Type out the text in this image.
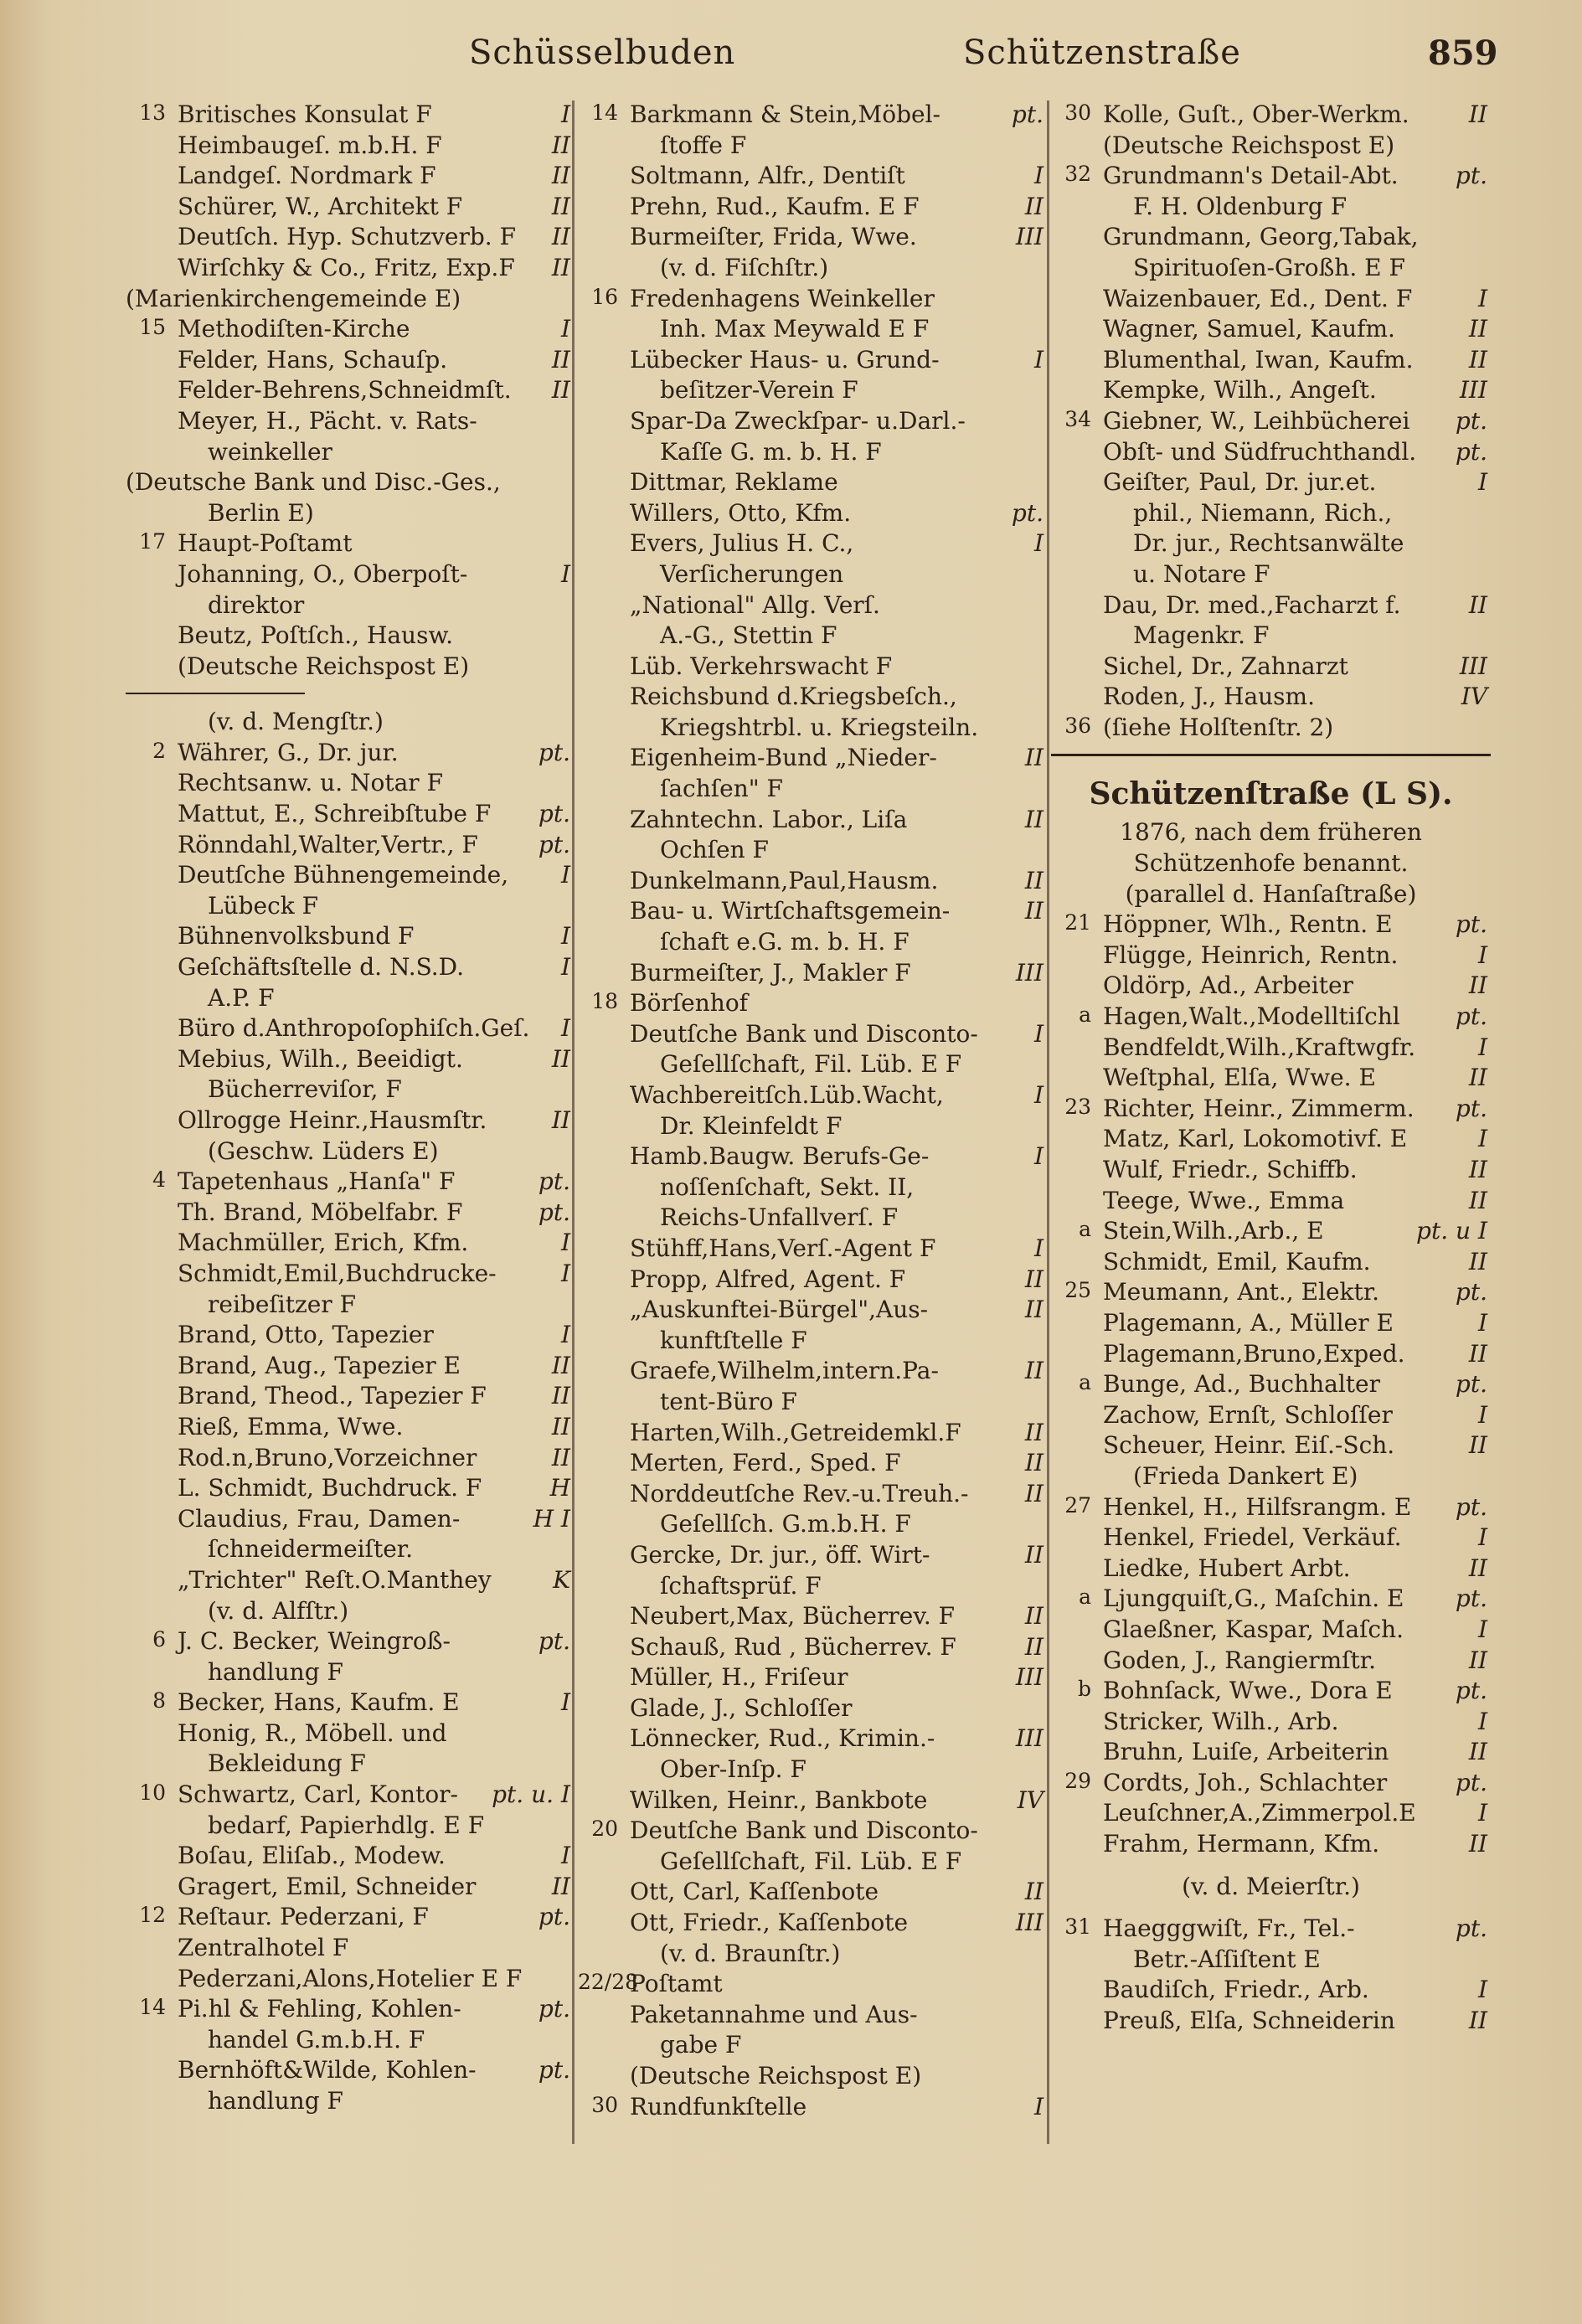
Schüsselbuden	Schützenstraße	859
13 Britisches Konsulat F	I
Heimbaugeſ. m.b.H. F	II
Landgeſ. Nordmark F	II
Schürer, W., Architekt F	II
Deutſch. Hyp. Schutzverb. F II
Wirſchky & Co., Fritz, Exp.F II
(Marienkirchengemeinde E)
15 Methodiſten-Kirche	I
Felder, Hans, Schauſp.	II
Felder-Behrens,Schneidmſt. II
Meyer, H., Pächt. v. Rats-
weinkeller
(Deutsche Bank und Disc.-Ges.,
Berlin E)
17 Haupt-Poſtamt
Johanning, O., Oberpoſt-	I
direktor
Beutz, Poſtſch., Hausw.
(Deutsche Reichspost E)
(v. d. Mengſtr.)
2 Währer, G., Dr. jur.	pt.
Rechtsanw. u. Notar F
Mattut, E., Schreibſtube F pt.
Rönndahl,Walter,Vertr., F	pt.
Deutſche Bühnengemeinde, I
Lübeck F
Bühnenvolksbund F	I
Geſchäftsſtelle d. N.S.D.	I
A.P. F
Büro d.Anthropoſophiſch.Geſ. I
Mebius, Wilh., Beeidigt.	II
Bücherreviſor, F
Ollrogge Heinr.,Hausmſtr.	II
(Geschw. Lüders E)
4 Tapetenhaus „Hanſa" F	pt.
Th. Brand, Möbelfabr. F	pt.
Machmüller, Erich, Kfm.	I
Schmidt,Emil,Buchdrucke-	I
reibeſitzer F
Brand, Otto, Tapezier	I
Brand, Aug., Tapezier E	II
Brand, Theod., Tapezier F	II
Rieß, Emma, Wwe.	II
Rod.n,Bruno,Vorzeichner	II
L. Schmidt, Buchdruck. F	H
Claudius, Frau, Damen-	H I
ſchneidermeiſter.
„Trichter" Reſt.O.Manthey	K
(v. d. Alfſtr.)
6 J. C. Becker, Weingroß-	pt.
handlung F
8 Becker, Hans, Kaufm. E	I
Honig, R., Möbell. und
Bekleidung F
10 Schwartz, Carl, Kontor- pt. u. I
bedarf, Papierhdlg. E F
Boſau, Eliſab., Modew.	I
Gragert, Emil, Schneider	II
12 Reſtaur. Pederzani, F	pt.
Zentralhotel F
Pederzani,Alons,Hotelier E F
14 Pi.hl & Fehling, Kohlen-	pt.
handel G.m.b.H. F
Bernhöft&Wilde, Kohlen-	pt.
handlung F
14 Barkmann & Stein,Möbel-	pt.
ſtoffe F
Soltmann, Alfr., Dentiſt	I
Prehn, Rud., Kaufm. E F	II
Burmeiſter, Frida, Wwe.	III
(v. d. Fiſchſtr.)
16 Fredenhagens Weinkeller
Inh. Max Meywald E F
Lübecker Haus- u. Grund-	I
beſitzer-Verein F
Spar-Da Zweckſpar- u.Darl.-
Kaſſe G. m. b. H. F
Dittmar, Reklame
Willers, Otto, Kfm.	pt.
Evers, Julius H. C.,	I
Verſicherungen
„National" Allg. Verſ.
A.-G., Stettin F
Lüb. Verkehrswacht F
Reichsbund d.Kriegsbeſch.,
Kriegshtrbl. u. Kriegsteiln.
Eigenheim-Bund „Nieder-	II
ſachſen" F
Zahntechn. Labor., Liſa	II
Ochſen F
Dunkelmann,Paul,Hausm.	II
Bau- u. Wirtſchaftsgemein-	II
ſchaft e.G. m. b. H. F
Burmeiſter, J., Makler F	III
18 Börſenhof
Deutſche Bank und Disconto- I
Geſellſchaft, Fil. Lüb. E F
Wachbereitſch.Lüb.Wacht,	I
Dr. Kleinfeldt F
Hamb.Baugw. Berufs-Ge-	I
noſſenſchaft, Sekt. II,
Reichs-Unfallverſ. F
Stühff,Hans,Verſ.-Agent F	I
Propp, Alfred, Agent. F	II
„Auskunftei-Bürgel",Aus-	II
kunftſtelle F
Graefe,Wilhelm,intern.Pa-	II
tent-Büro F
Harten,Wilh.,Getreidemkl.F	II
Merten, Ferd., Sped. F	II
Norddeutſche Rev.-u.Treuh.- II
Geſellſch. G.m.b.H. F
Gercke, Dr. jur., öff. Wirt-	II
ſchaftsprüf. F
Neubert,Max, Bücherrev. F	II
Schauß, Rud , Bücherrev. F	II
Müller, H., Friſeur	III
Glade, J., Schloſſer
Lönnecker, Rud., Krimin.-	III
Ober-Inſp. F
Wilken, Heinr., Bankbote	IV
20 Deutſche Bank und Disconto-
Geſellſchaft, Fil. Lüb. E F
Ott, Carl, Kaſſenbote	II
Ott, Friedr., Kaſſenbote	III
(v. d. Braunſtr.)
22/28
Poſtamt
Paketannahme und Aus-
gabe F
(Deutsche Reichspost E)
30 Rundfunkſtelle	I
30 Kolle, Guſt., Ober-Werkm.	II
(Deutsche Reichspost E)
32 Grundmann's Detail-Abt. pt.
F. H. Oldenburg F
Grundmann, Georg,Tabak,
Spirituoſen-Großh. E F
Waizenbauer, Ed., Dent. F	I
Wagner, Samuel, Kaufm.	II
Blumenthal, Iwan, Kaufm. II
Kempke, Wilh., Angeſt.	III
34 Giebner, W., Leihbücherei pt.
Obſt- und Südfruchthandl. pt.
Geiſter, Paul, Dr. jur.et.	I
phil., Niemann, Rich.,
Dr. jur., Rechtsanwälte
u. Notare F
Dau, Dr. med.,Facharzt f.	II
Magenkr. F
Sichel, Dr., Zahnarzt	III
Roden, J., Hausm.	IV
36 (ſiehe Holſtenſtr. 2)
Schützenſtraße (L S).
1876, nach dem früheren
Schützenhofe benannt.
(parallel d. Hanſaſtraße)
21 Höppner, Wlh., Rentn. E	pt.
Flügge, Heinrich, Rentn.	I
Oldörp, Ad., Arbeiter	II
a Hagen,Walt.,Modelltiſchl pt.
Bendfeldt,Wilh.,Kraftwgfr.	I
Weſtphal, Elſa, Wwe. E	II
23 Richter, Heinr., Zimmerm. pt.
Matz, Karl, Lokomotivf. E	I
Wulf, Friedr., Schiffb.	II
Teege, Wwe., Emma	II
a Stein,Wilh.,Arb., E	pt. u I
Schmidt, Emil, Kaufm.	II
25 Meumann, Ant., Elektr.	pt.
Plagemann, A., Müller E	I
Plagemann,Bruno,Exped.	II
a Bunge, Ad., Buchhalter	pt.
Zachow, Ernſt, Schloſſer	I
Scheuer, Heinr. Eiſ.-Sch.	II
(Frieda Dankert E)
27 Henkel, H., Hilfsrangm. E pt.
Henkel, Friedel, Verkäuf.	I
Liedke, Hubert Arbt.	II
a Ljungquiſt,G., Maſchin. E pt.
Glaeßner, Kaspar, Maſch.	I
Goden, J., Rangiermſtr.	II
b Bohnſack, Wwe., Dora E	pt.
Stricker, Wilh., Arb.	I
Bruhn, Luiſe, Arbeiterin	II
29 Cordts, Joh., Schlachter	pt.
Leuſchner,A.,Zimmerpol.E	I
Frahm, Hermann, Kfm.	II
(v. d. Meierſtr.)
31 Haegggwiſt, Fr., Tel.-	pt.
Betr.-Aſſiſtent E
Baudiſch, Friedr., Arb.	I
Preuß, Elſa, Schneiderin	II
